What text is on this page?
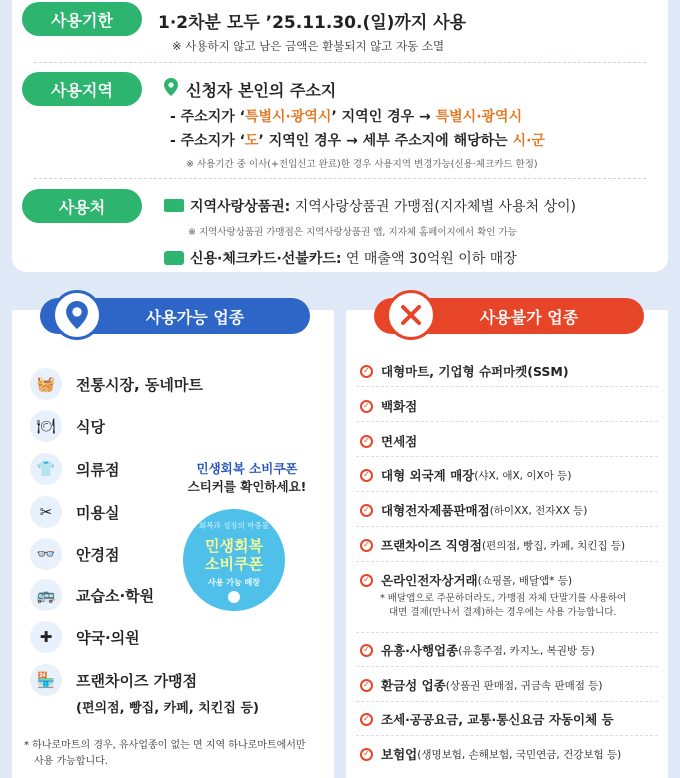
사용기한	1·2차분 모두 ’25.11.30.(일)까지 사용
※ 사용하지 않고 남은 금액은 환불되지 않고 자동 소멸
사용지역	신청자 본인의 주소지
- 주소지가 ‘특별시·광역시’ 지역인 경우 → 특별시·광역시
- 주소지가 ‘도’ 지역인 경우 → 세부 주소지에 해당하는 시·군
※ 사용기간 중 이사(+전입신고 완료)한 경우 사용지역 변경가능(신용·체크카드 한정)
사용처	지역사랑상품권: 지역사랑상품권 가맹점(지자체별 사용처 상이)
※ 지역사랑상품권 가맹점은 지역사랑상품권 앱, 지자체 홈페이지에서 확인 가능
신용·체크카드·선불카드: 연 매출액 30억원 이하 매장
사용가능 업종
🧺	전통시장, 동네마트
🍽	식당
👕	의류점
✂	미용실
👓	안경점
🚌	교습소·학원
✚	약국·의원
🏪	프랜차이즈 가맹점
(편의점, 빵집, 카페, 치킨집 등)
민생회복 소비쿠폰
스티커를 확인하세요!
회복과 성장의 마중물
민생회복
소비쿠폰
사용 가능 매장
* 하나로마트의 경우, 유사업종이 없는 면 지역 하나로마트에서만
사용 가능합니다.
사용불가 업종
✓ 대형마트, 기업형 슈퍼마켓(SSM)
✓ 백화점
✓ 면세점
✓ 대형 외국계 매장 (샤X, 애X, 이X아 등)
✓ 대형전자제품판매점 (하이XX, 전자XX 등)
✓ 프랜차이즈 직영점 (편의점, 빵집, 카페, 치킨집 등)
✓ 온라인전자상거래 (쇼핑몰, 배달앱* 등)
* 배달앱으로 주문하더라도, 가맹점 자체 단말기를 사용하여
대면 결제(만나서 결제)하는 경우에는 사용 가능합니다.
✓ 유흥·사행업종 (유흥주점, 카지노, 복권방 등)
✓ 환금성 업종 (상품권 판매점, 귀금속 판매점 등)
✓ 조세·공공요금, 교통·통신요금 자동이체 등
✓ 보험업 (생명보험, 손해보험, 국민연금, 건강보험 등)
